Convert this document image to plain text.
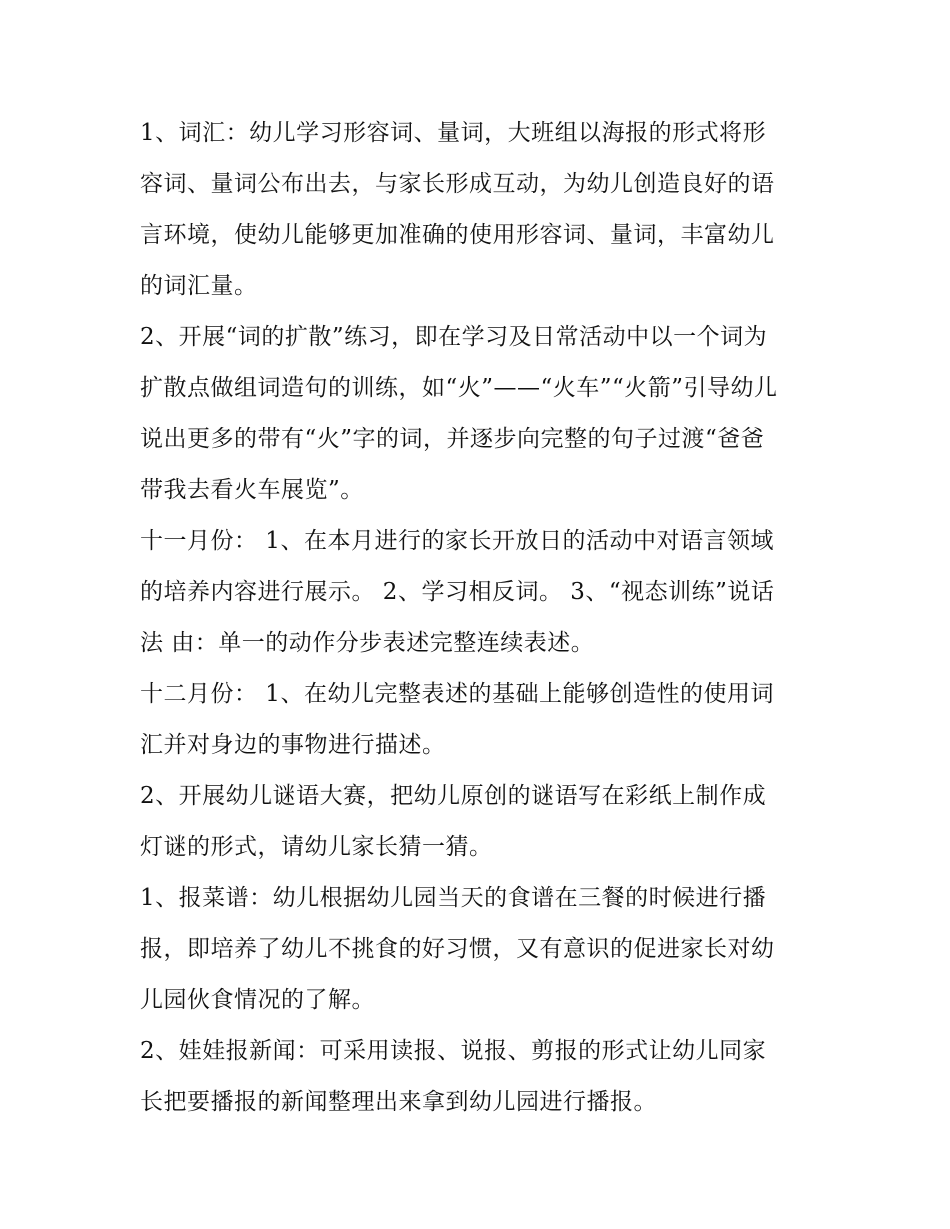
1、词汇：幼儿学习形容词、量词，大班组以海报的形式将形
容词、量词公布出去，与家长形成互动，为幼儿创造良好的语
言环境，使幼儿能够更加准确的使用形容词、量词，丰富幼儿
的词汇量。
2、开展“词的扩散”练习，即在学习及日常活动中以一个词为
扩散点做组词造句的训练，如“火”——“火车”“火箭”引导幼儿
说出更多的带有“火”字的词，并逐步向完整的句子过渡“爸爸
带我去看火车展览”。
十一月份： 1、在本月进行的家长开放日的活动中对语言领域
的培养内容进行展示。 2、学习相反词。 3、“视态训练”说话
法 由：单一的动作分步表述完整连续表述。
十二月份： 1、在幼儿完整表述的基础上能够创造性的使用词
汇并对身边的事物进行描述。
2、开展幼儿谜语大赛，把幼儿原创的谜语写在彩纸上制作成
灯谜的形式，请幼儿家长猜一猜。
1、报菜谱：幼儿根据幼儿园当天的食谱在三餐的时候进行播
报，即培养了幼儿不挑食的好习惯，又有意识的促进家长对幼
儿园伙食情况的了解。
2、娃娃报新闻：可采用读报、说报、剪报的形式让幼儿同家
长把要播报的新闻整理出来拿到幼儿园进行播报。
